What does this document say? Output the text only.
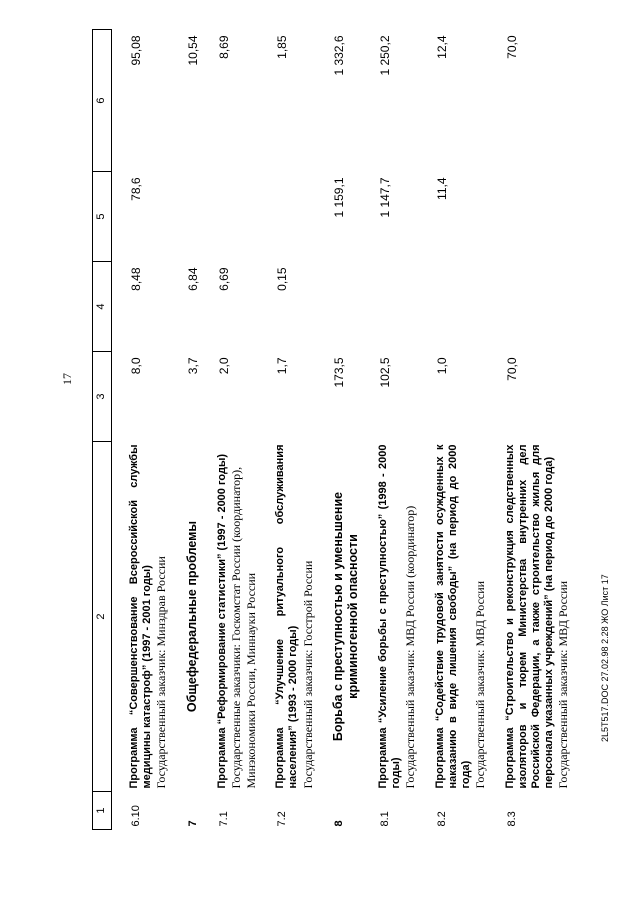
17
1	2	3	4	5	6

6.10	Программа “Совершенствование Всероссийской службы медицины катастроф” (1997 - 2001 годы) Государственный заказчик: Минздрав России	8,0	8,48	78,6	95,08

7	Общефедеральные проблемы	3,7	6,84		10,54

7.1	Программа “Реформирование статистики” (1997 - 2000 годы) Государственные заказчики: Госкомстат России (координатор), Минэкономики России, Миннауки России	2,0	6,69		8,69

7.2	Программа “Улучшение ритуального обслуживания населения” (1993 - 2000 годы) Государственный заказчик: Госстрой России	1,7	0,15		1,85

8	Борьба с преступностью и уменьшение криминогенной опасности	173,5		1 159,1	1 332,6

8.1	Программа “Усиление борьбы с преступностью” (1998 - 2000 годы) Государственный заказчик: МВД России (координатор)	102,5		1 147,7	1 250,2

8.2	Программа “Содействие трудовой занятости осужденных к наказанию в виде лишения свободы” (на период до 2000 года) Государственный заказчик: МВД России	1,0		11,4	12,4

8.3	Программа “Строительство и реконструкция следственных изоляторов и тюрем Министерства внутренних дел Российской Федерации, а также строительство жилья для персонала указанных учреждений” (на период до 2000 года) Государственный заказчик: МВД России	70,0			70,0
2L5T517.DOC 27.02.98 2.28 ЖО Лист 17
